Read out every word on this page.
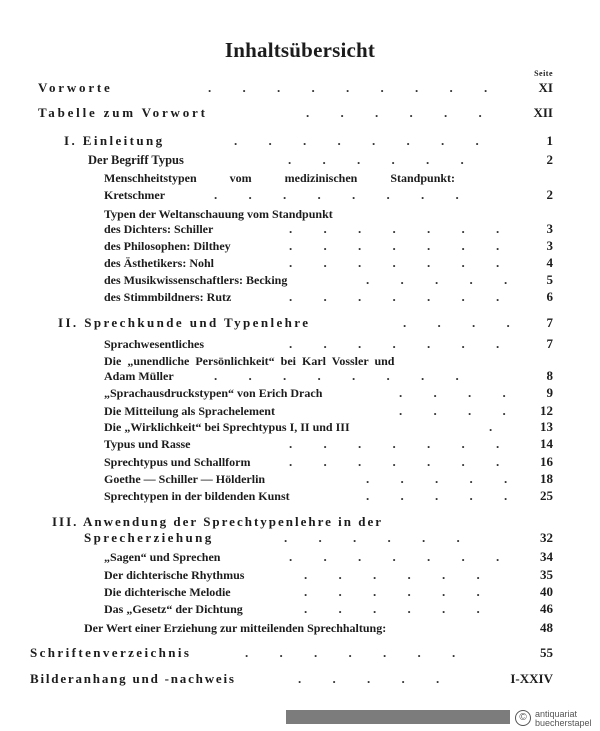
Inhaltsübersicht
Seite
Vorworte	. . . . . . . . .	XI
Tabelle zum Vorwort	. . . . . .	XII
I. Einleitung	. . . . . . . .	1
Der Begriff Typus	. . . . . .	2
Menschheitstypen vom medizinischen Standpunkt:
Kretschmer	. . . . . . . .	2
Typen der Weltanschauung vom Standpunkt
des Dichters: Schiller	. . . . . . .	3
des Philosophen: Dilthey	. . . . . . .	3
des Ästhetikers: Nohl	. . . . . . .	4
des Musikwissenschaftlers: Becking	. . . . . 5
des Stimmbildners: Rutz	. . . . . . .	6
II. Sprechkunde und Typenlehre	. . . . 7
Sprachwesentliches	. . . . . . .	7
Die „unendliche Persönlichkeit“ bei Karl Vossler und
Adam Müller	. . . . . . . .	8
„Sprachausdruckstypen“ von Erich Drach	. . . . 9
Die Mitteilung als Sprachelement	. . . . 12
Die „Wirklichkeit“ bei Sprechtypus I, II und III	.	13
Typus und Rasse	. . . . . . . 14
Sprechtypus und Schallform	. . . . . . . 16
Goethe — Schiller — Hölderlin	. . . . . 18
Sprechtypen in der bildenden Kunst	. . . . . 25
III. Anwendung der Sprechtypenlehre in der
Sprecherziehung	. . . . . .	32
„Sagen“ und Sprechen	. . . . . . . 34
Der dichterische Rhythmus	. . . . . .	35
Die dichterische Melodie	. . . . . .	40
Das „Gesetz“ der Dichtung	. . . . . .	46
Der Wert einer Erziehung zur mitteilenden Sprechhaltung:	48
Schriftenverzeichnis	. . . . . . .	55
Bilderanhang und -nachweis	. . . . .	I-XXIV
© antiquariat
buecherstapel
